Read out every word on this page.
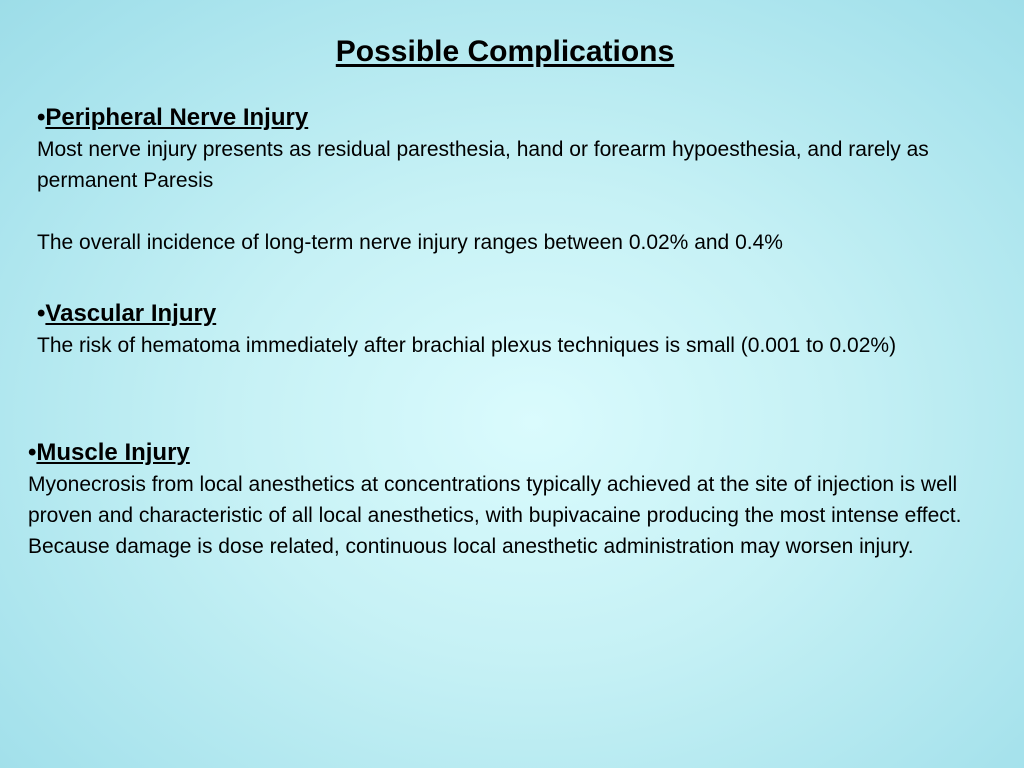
Possible Complications
•Peripheral Nerve Injury

Most nerve injury presents as residual paresthesia, hand or forearm hypoesthesia, and rarely as permanent Paresis

The overall incidence of long-term nerve injury ranges between 0.02% and 0.4%

•Vascular Injury

The risk of hematoma immediately after brachial plexus techniques is small (0.001 to 0.02%)

•Muscle Injury

Myonecrosis from local anesthetics at concentrations typically achieved at the site of injection is well proven and characteristic of all local anesthetics, with bupivacaine producing the most intense effect. Because damage is dose related, continuous local anesthetic administration may worsen injury.
